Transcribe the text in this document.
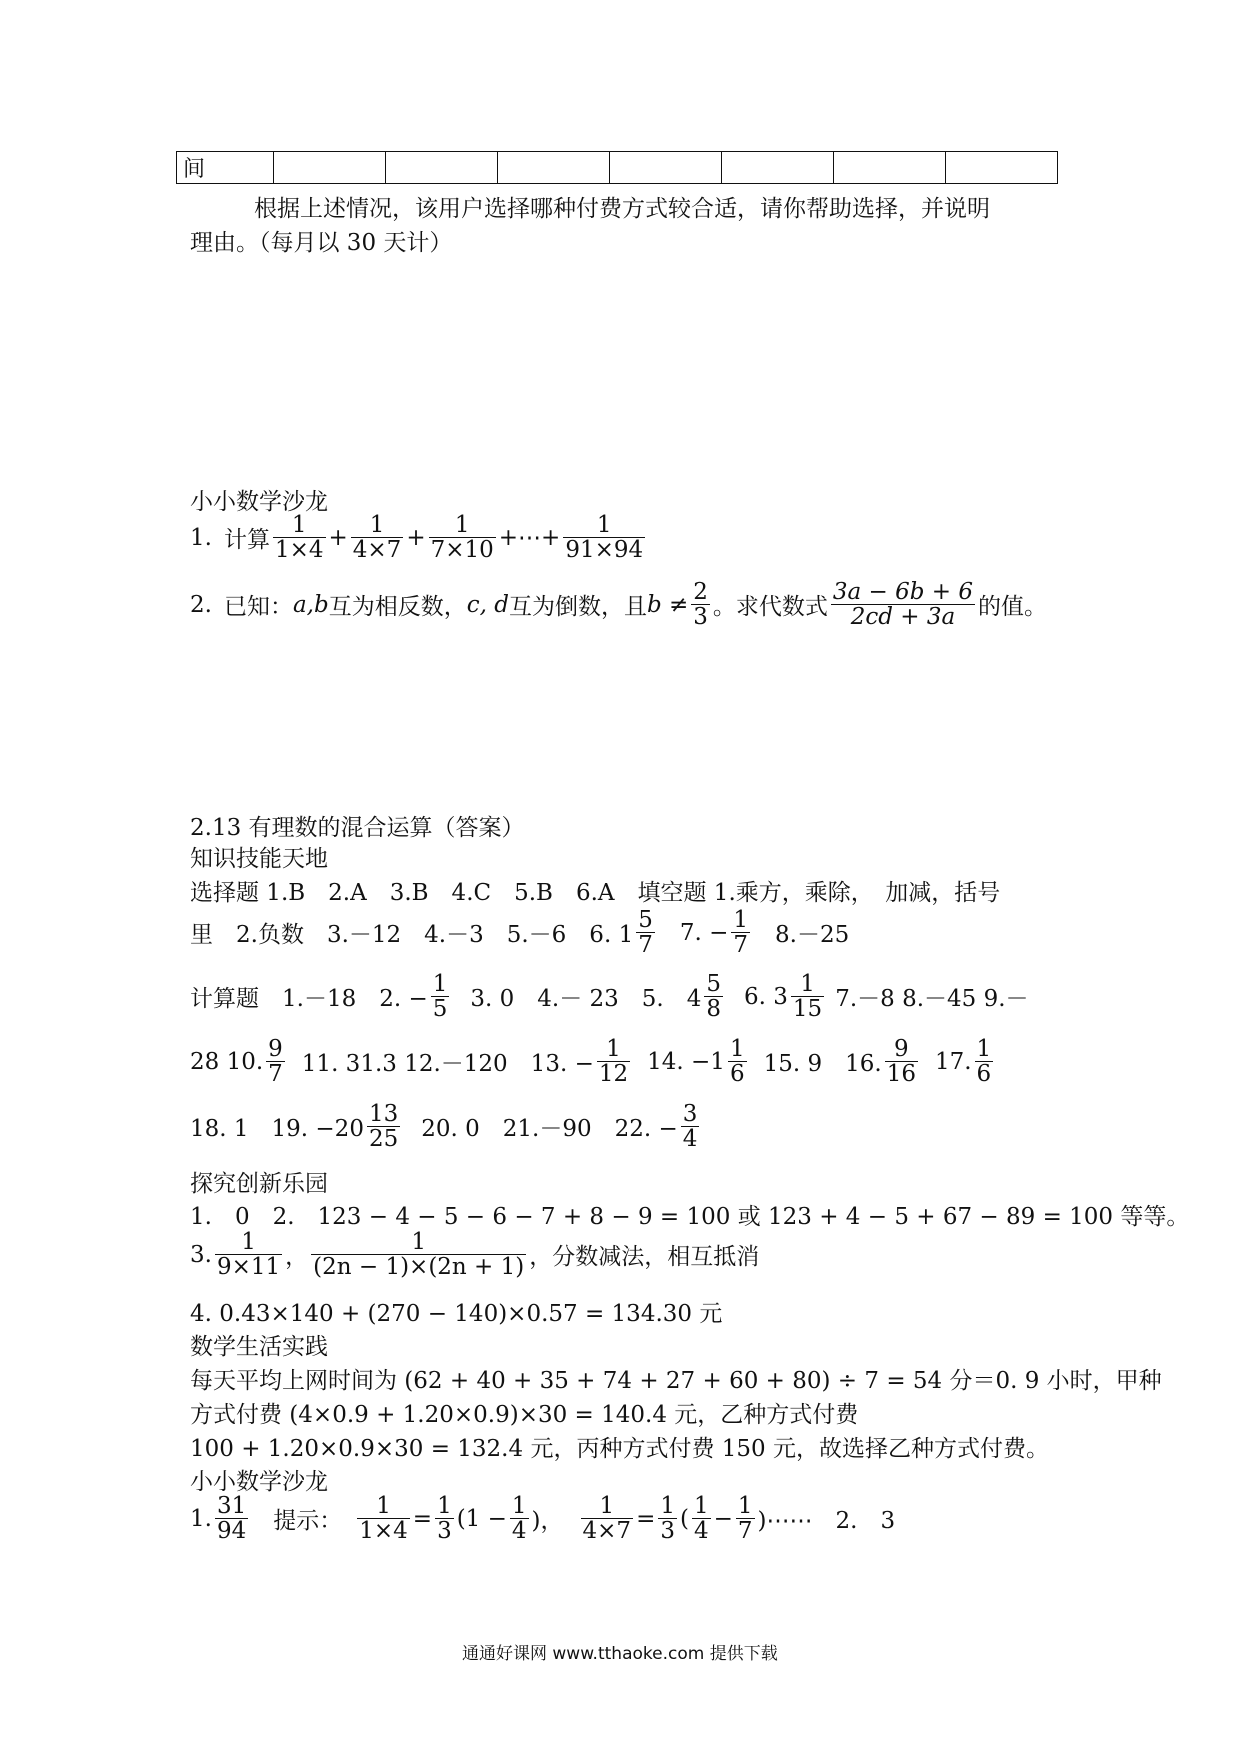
间							
根据上述情况，该用户选择哪种付费方式较合适，请你帮助选择，并说明
理由。（每月以 30 天计）
小小数学沙龙
1. 计算 $\frac{1}{1\times 4} + \frac{1}{4\times 7} + \frac{1}{7\times 10}$ +⋯+ $\frac{1}{91\times 94}$
2. 已知： a,b 互为相反数， c, d 互为倒数，且 $b \ne \frac{2}{3}$ 。求代数式 $\frac{3a - 6b + 6}{2cd + 3a}$ 的值。
2.13 有理数的混合运算（答案）
知识技能天地
选择题 1.B　2.A　3.B　4.C　5.B　6.A　填空题 1.乘方，乘除，　加减，括号
里　2.负数　3.－12　4.－3　5.－6　6. $1 \frac{5}{7} 7$. − $\frac{1}{7} 8.-25$
计算题　1.－18　2. − $\frac{1}{5} 3$. 0　4.－ 23　5.　$4 \frac{5}{8} 6$. $3 \frac{1}{15} 7.-8$ 8.－45 9.－
28 10. $\frac{9}{7} 11$. 31.3 12.－120　13. − $\frac{1}{12} 14$. $-1 \frac{1}{6} 15$. 9　16. $\frac{9}{16} 17$. $\frac{1}{6}$
18. 1　19. $-20 \frac{13}{25} 20$. 0　21.－90　22. − $\frac{3}{4}$
探究创新乐园
1.　0　2.　123 − 4 − 5 − 6 − 7 + 8 − 9 = 100 或 123 + 4 − 5 + 67 − 89 = 100 等等。
3. $\frac{1}{9\times 11}$ ， $\frac{1}{(2n - 1)\times(2n + 1)}$ ，分数减法，相互抵消
4. 0.43×140 + (270 − 140)×0.57 = 134.30 元
数学生活实践
每天平均上网时间为 (62 + 40 + 35 + 74 + 27 + 60 + 80) ÷ 7 = 54 分＝0. 9 小时，甲种
方式付费 (4×0.9 + 1.20×0.9)×30 = 140.4 元，乙种方式付费
100 + 1.20×0.9×30 = 132.4 元，丙种方式付费 150 元，故选择乙种方式付费。
小小数学沙龙
1. $\frac{31}{94}$ 提示： $\frac{1}{1\times 4} = \frac{1}{3} (1 - \frac{1}{4}$ )， $\frac{1}{4\times 7} = \frac{1}{3}$ ( $\frac{1}{4} - \frac{1}{7}$ )⋯⋯　2.　3
通通好课网 www.tthaoke.com 提供下载
